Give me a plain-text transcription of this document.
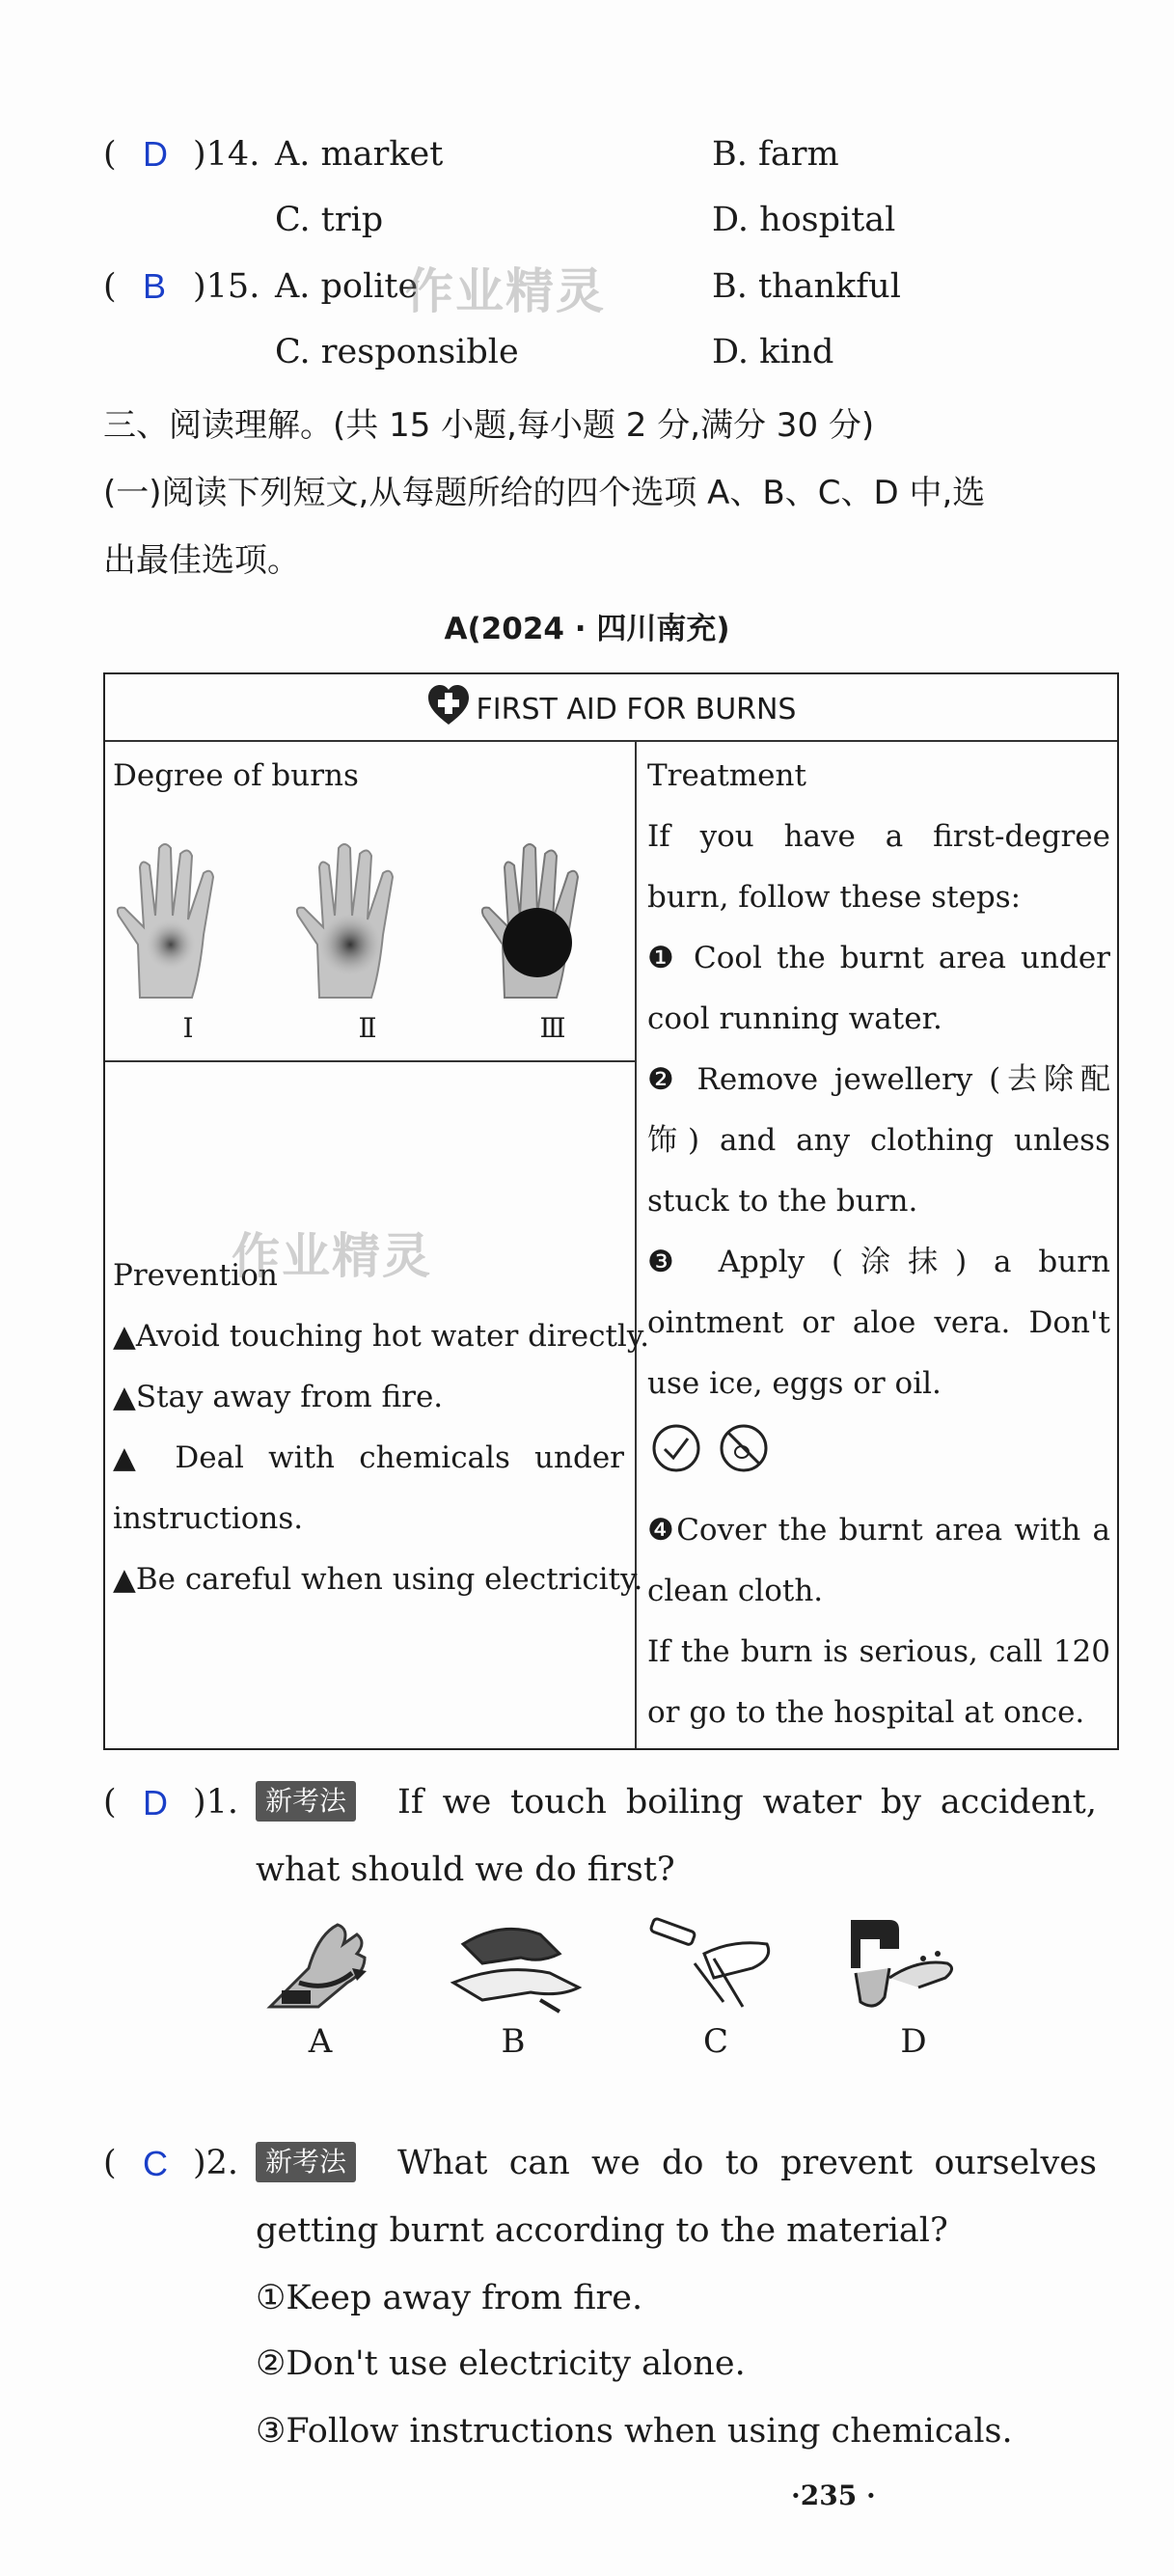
( D )14. A. market	B. farm
C. trip	D. hospital
( B )15. A. polite	B. thankful
C. responsible	D. kind
作业精灵
三、阅读理解。(共 15 小题,每小题 2 分,满分 30 分)
(一)阅读下列短文,从每题所给的四个选项 A、B、C、D 中,选
出最佳选项。
A(2024 · 四川南充)
FIRST AID FOR BURNS
Degree of burns
I	Ⅱ	Ⅲ
Prevention
▲Avoid touching hot water directly.
▲Stay away from fire.
▲ Deal with chemicals under
instructions.
▲Be careful when using electricity.
Treatment
If you have a first-degree
burn, follow these steps:
❶ Cool the burnt area under
cool running water.
❷ Remove jewellery (去除配
饰) and any clothing unless
stuck to the burn.
❸ Apply (涂抹) a burn
ointment or aloe vera. Don't
use ice, eggs or oil.
❹Cover the burnt area with a
clean cloth.
If the burn is serious, call 120
or go to the hospital at once.
作业精灵
( D )1. 新考法 If we touch boiling water by accident,
what should we do first?
A	B	C	D
( C )2. 新考法 What can we do to prevent ourselves
getting burnt according to the material?
①Keep away from fire.
②Don't use electricity alone.
③Follow instructions when using chemicals.
·235 ·
